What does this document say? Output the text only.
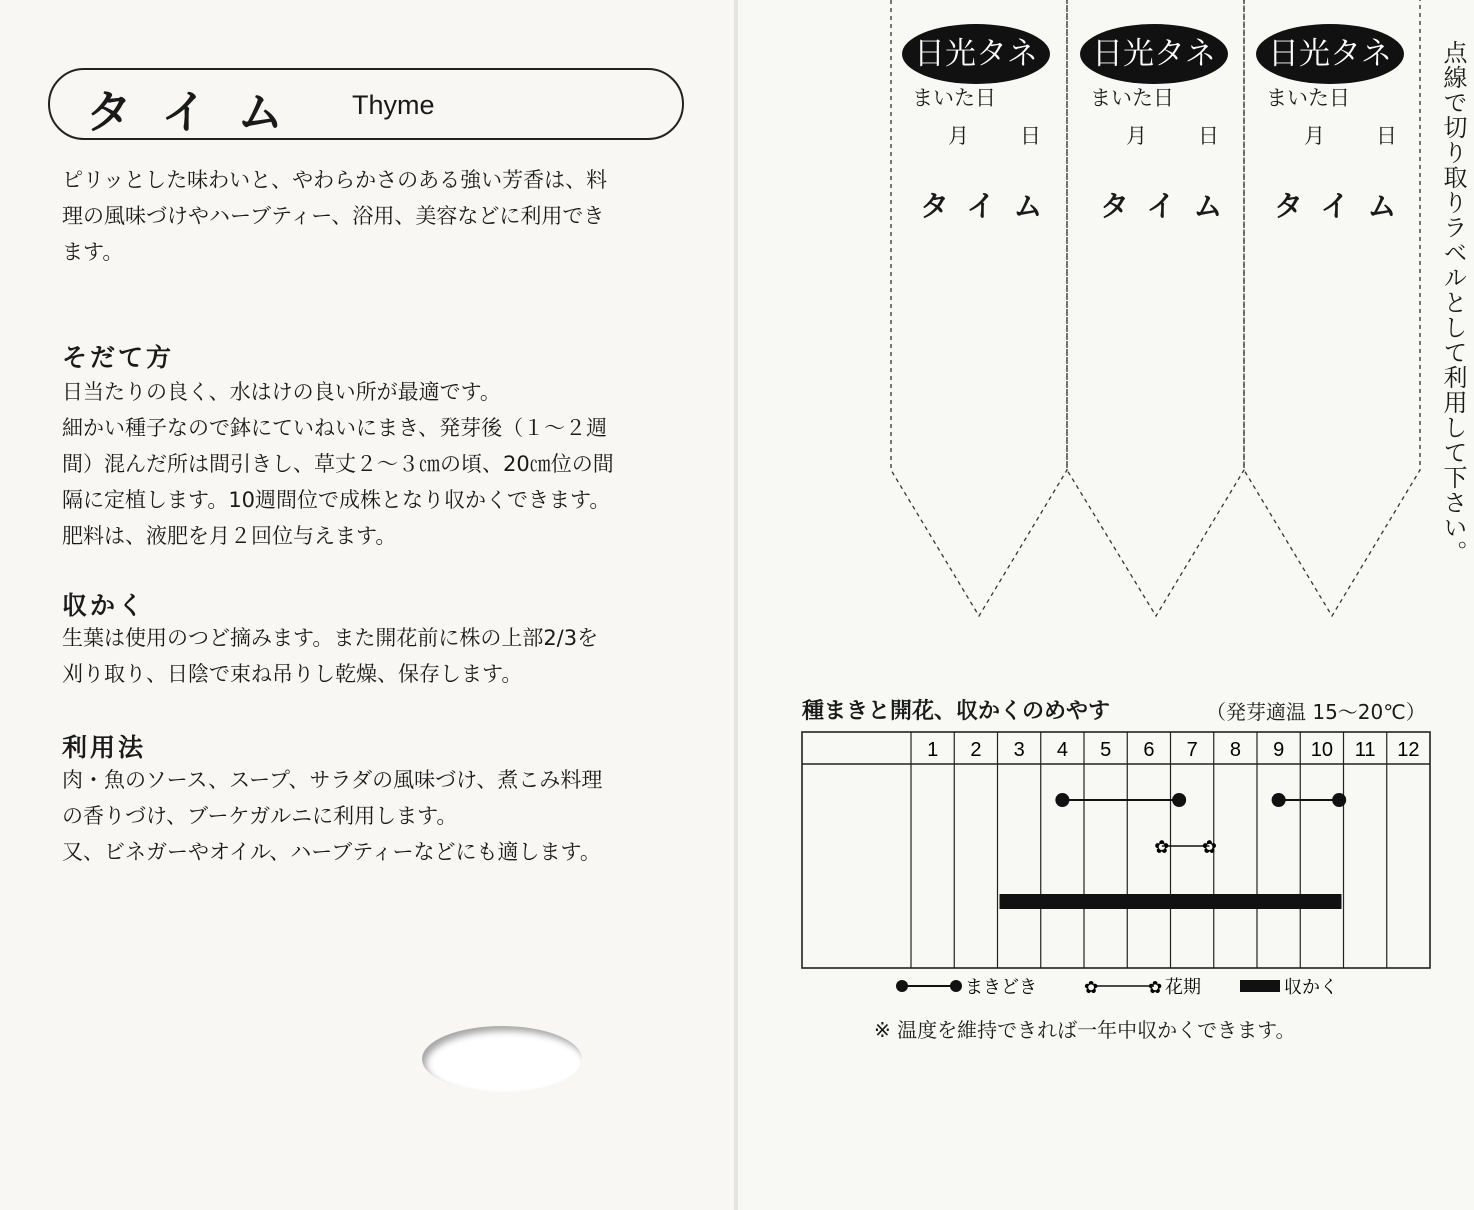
タイム Thyme

ピリッとした味わいと、やわらかさのある強い芳香は、料

理の風味づけやハーブティー、浴用、美容などに利用でき

ます。

そだて方

日当たりの良く、水はけの良い所が最適です。

細かい種子なので鉢にていねいにまき、発芽後（１～２週

間）混んだ所は間引きし、草丈２～３㎝の頃、20㎝位の間

隔に定植します。10週間位で成株となり収かくできます。

肥料は、液肥を月２回位与えます。

収かく

生葉は使用のつど摘みます。また開花前に株の上部2/3を

刈り取り、日陰で束ね吊りし乾燥、保存します。

利用法

肉・魚のソース、スープ、サラダの風味づけ、煮こみ料理

の香りづけ、ブーケガルニに利用します。

又、ビネガーやオイル、ハーブティーなどにも適します。

日光タネ
まいた日
月 日
タイム
日光タネ
まいた日
月 日
タイム
日光タネ
まいた日
月 日
タイム 点線で切り取りラベルとして利用して下さい。
種まきと開花、収かくのめやす	（発芽適温 15～20℃）
1 2 3 4 5 6 7 8 9 10 11 12
✿ ✿
まきどき	✿	✿ 花期	収かく
※ 温度を維持できれば一年中収かくできます。
